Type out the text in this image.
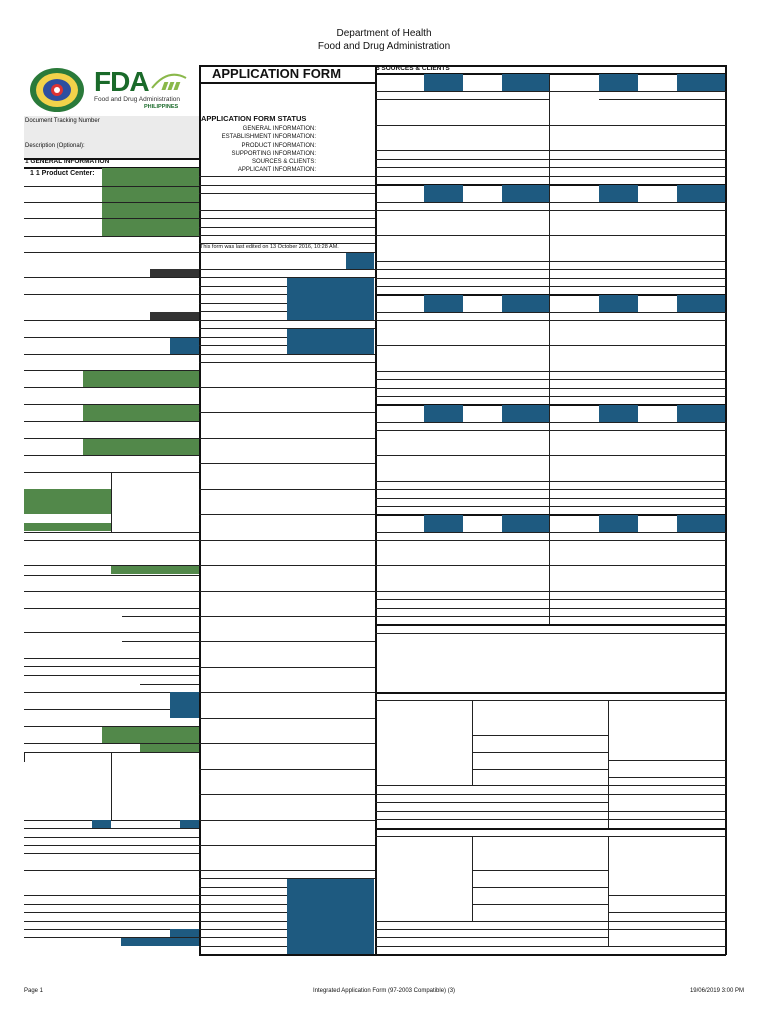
Department of Health
Food and Drug Administration
FDA
Food and Drug Administration
PHILIPPINES
Document Tracking Number
Description (Optional):
1 GENERAL INFORMATION
1 1 Product Center:
APPLICATION FORM
APPLICATION FORM STATUS
GENERAL INFORMATION:
ESTABLISHMENT INFORMATION:
PRODUCT INFORMATION:
SUPPORTING INFORMATION:
SOURCES & CLIENTS:
APPLICANT INFORMATION:
This form was last edited on 13 October 2016, 10:28 AM.
5 SOURCES & CLIENTS
Page 1	Integrated Application Form (97-2003 Compatible) (3)	19/06/2019 3:00 PM
